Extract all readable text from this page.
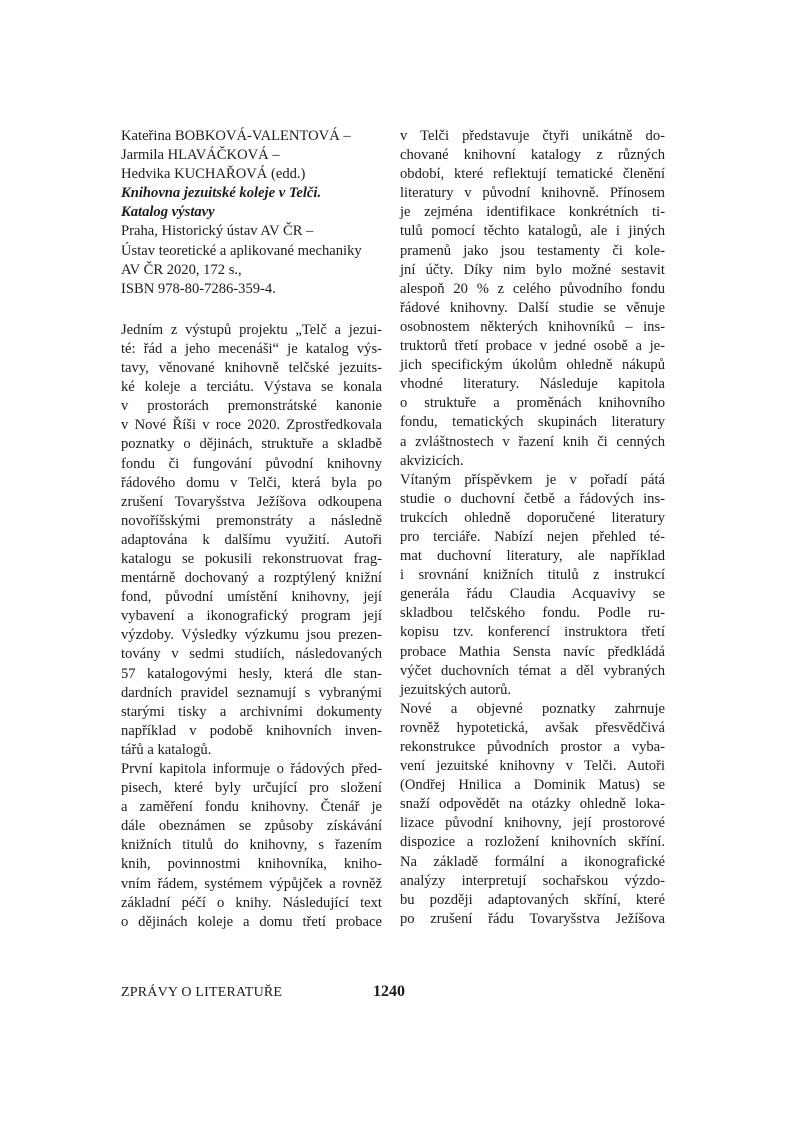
Kateřina BOBKOVÁ-VALENTOVÁ –
Jarmila HLAVÁČKOVÁ –
Hedvika KUCHAŘOVÁ (edd.)
Knihovna jezuitské koleje v Telči.
Katalog výstavy
Praha, Historický ústav AV ČR –
Ústav teoretické a aplikované mechaniky
AV ČR 2020, 172 s.,
ISBN 978-80-7286-359-4.
Jedním z výstupů projektu „Telč a jezui-
té: řád a jeho mecenáši“ je katalog výs-
tavy, věnované knihovně telčské jezuits-
ké koleje a terciátu. Výstava se konala
v prostorách premonstrátské kanonie
v Nové Říši v roce 2020. Zprostředkovala
poznatky o dějinách, struktuře a skladbě
fondu či fungování původní knihovny
řádového domu v Telči, která byla po
zrušení Tovaryšstva Ježíšova odkoupena
novoříšskými premonstráty a následně
adaptována k dalšímu využití. Autoři
katalogu se pokusili rekonstruovat frag-
mentárně dochovaný a rozptýlený knižní
fond, původní umístění knihovny, její
vybavení a ikonografický program její
výzdoby. Výsledky výzkumu jsou prezen-
továny v sedmi studiích, následovaných
57 katalogovými hesly, která dle stan-
dardních pravidel seznamují s vybranými
starými tisky a archivními dokumenty
například v podobě knihovních inven-
tářů a katalogů.
První kapitola informuje o řádových před-
pisech, které byly určující pro složení
a zaměření fondu knihovny. Čtenář je
dále obeznámen se způsoby získávání
knižních titulů do knihovny, s řazením
knih, povinnostmi knihovníka, kniho-
vním řádem, systémem výpůjček a rovněž
základní péčí o knihy. Následující text
o dějinách koleje a domu třetí probace
v Telči představuje čtyři unikátně do-
chované knihovní katalogy z různých
období, které reflektují tematické členění
literatury v původní knihovně. Přínosem
je zejména identifikace konkrétních ti-
tulů pomocí těchto katalogů, ale i jiných
pramenů jako jsou testamenty či kole-
jní účty. Díky nim bylo možné sestavit
alespoň 20 % z celého původního fondu
řádové knihovny. Další studie se věnuje
osobnostem některých knihovníků – ins-
truktorů třetí probace v jedné osobě a je-
jich specifickým úkolům ohledně nákupů
vhodné literatury. Následuje kapitola
o struktuře a proměnách knihovního
fondu, tematických skupinách literatury
a zvláštnostech v řazení knih či cenných
akvizicích.
Vítaným příspěvkem je v pořadí pátá
studie o duchovní četbě a řádových ins-
trukcích ohledně doporučené literatury
pro terciáře. Nabízí nejen přehled té-
mat duchovní literatury, ale například
i srovnání knižních titulů z instrukcí
generála řádu Claudia Acquavivy se
skladbou telčského fondu. Podle ru-
kopisu tzv. konferencí instruktora třetí
probace Mathia Sensta navíc předkládá
výčet duchovních témat a děl vybraných
jezuitských autorů.
Nové a objevné poznatky zahrnuje
rovněž hypotetická, avšak přesvědčivá
rekonstrukce původních prostor a vyba-
vení jezuitské knihovny v Telči. Autoři
(Ondřej Hnilica a Dominik Matus) se
snaží odpovědět na otázky ohledně loka-
lizace původní knihovny, její prostorové
dispozice a rozložení knihovních skříní.
Na základě formální a ikonografické
analýzy interpretují sochařskou výzdo-
bu později adaptovaných skříní, které
po zrušení řádu Tovaryšstva Ježíšova
ZPRÁVY O LITERATUŘE	1240
